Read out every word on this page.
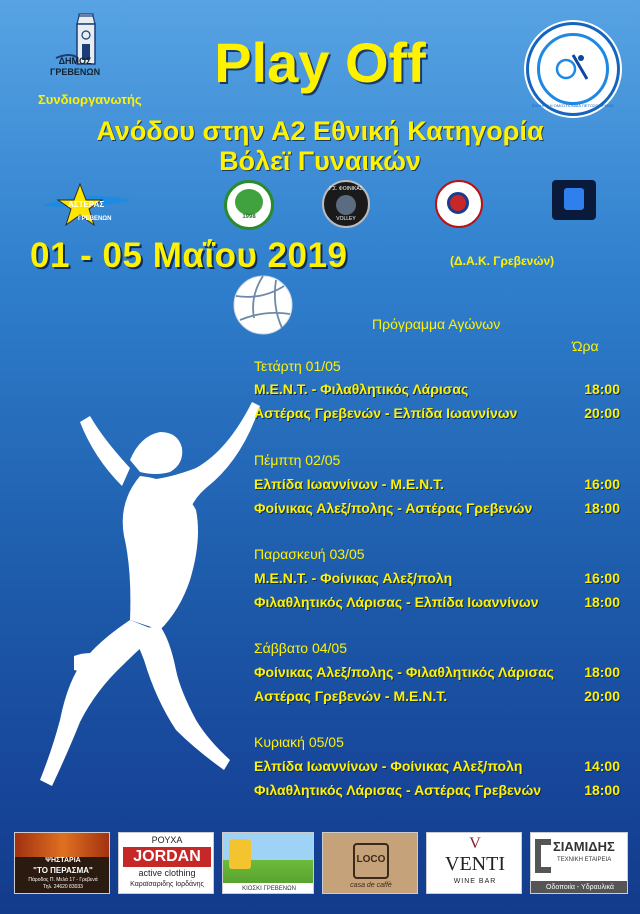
ΔΗΜΟΣ
ΓΡΕΒΕΝΩΝ
Συνδιοργανωτής
Play Off
ΕΛΛΗΝΙΚΗ ΟΜΟΣΠΟΝΔΙΑ ΠΕΤΟΣΦΑΙΡΙΣΗΣ
Ανόδου στην Α2 Εθνική Κατηγορία
Βόλεϊ Γυναικών
ΑΣΤΕΡΑΣ
ΓΡΕΒΕΝΩΝ	1998
Γ.Σ. ΦΟΙΝΙΚΑΣ
VOLLEY
01 - 05 Μαΐου 2019	(Δ.Α.Κ. Γρεβενών)
Πρόγραμμα Αγώνων
Ώρα
Τετάρτη 01/05
Μ.Ε.Ν.Τ. - Φιλαθλητικός Λάρισας	18:00
Αστέρας Γρεβενών - Ελπίδα Ιωαννίνων	20:00
Πέμπτη 02/05
Ελπίδα Ιωαννίνων - Μ.Ε.Ν.Τ.	16:00
Φοίνικας Αλεξ/πολης - Αστέρας Γρεβενών	18:00
Παρασκευή 03/05
Μ.Ε.Ν.Τ. - Φοίνικας Αλεξ/πολη	16:00
Φιλαθλητικός Λάρισας - Ελπίδα Ιωαννίνων	18:00
Σάββατο 04/05
Φοίνικας Αλεξ/πολης - Φιλαθλητικός Λάρισας 18:00
Αστέρας Γρεβενών - Μ.Ε.Ν.Τ.	20:00
Κυριακή 05/05
Ελπίδα Ιωαννίνων - Φοίνικας Αλεξ/πολη	14:00
Φιλαθλητικός Λάρισας - Αστέρας Γρεβενών	18:00
ΨΗΣΤΑΡΙΑ
"ΤΟ ΠΕΡΑΣΜΑ"
Πάροδος Π. Μελά 17 - Γρεβενά
Τηλ. 24620 83033
ΡΟΥΧΑ
JORDAN
active clothing
Καραϊσαριδης Ιορδάνης
ΚΙΟΣΚΙ ΓΡΕΒΕΝΩΝ
LOCO
casa de caffè
V
VENTI
WINE BAR
ΣΙΑΜΙΔΗΣ
ΤΕΧΝΙΚΗ ΕΤΑΙΡΕΙΑ
Οδοποιία - Υδραυλικά
